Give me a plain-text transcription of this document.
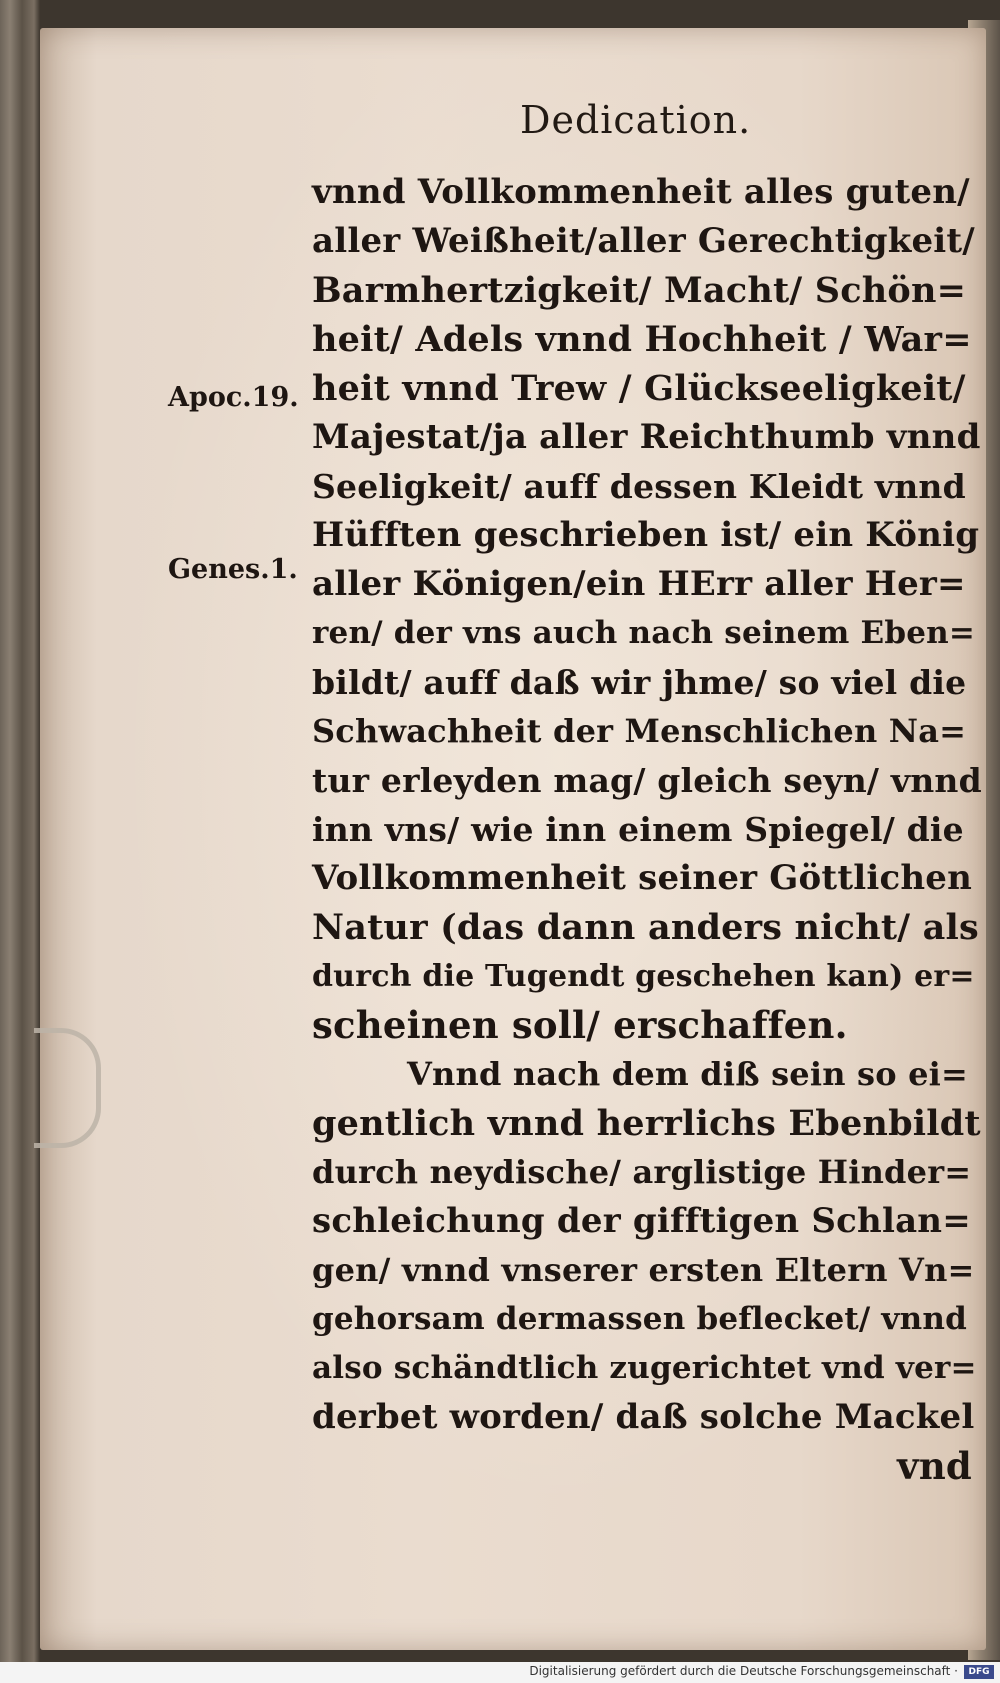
Dedication.
Apoc.19.
Genes.1.
vnnd Vollkommenheit alles guten/
aller Weißheit/aller Gerechtigkeit/
Barmhertzigkeit/ Macht/ Schön=
heit/ Adels vnnd Hochheit / War=
heit vnnd Trew / Glückseeligkeit/
Majestat/ja aller Reichthumb vnnd
Seeligkeit/ auff dessen Kleidt vnnd
Hüfften geschrieben ist/ ein König
aller Königen/ein HErr aller Her=
ren/ der vns auch nach seinem Eben=
bildt/ auff daß wir jhme/ so viel die
Schwachheit der Menschlichen Na=
tur erleyden mag/ gleich seyn/ vnnd
inn vns/ wie inn einem Spiegel/ die
Vollkommenheit seiner Göttlichen
Natur (das dann anders nicht/ als
durch die Tugendt geschehen kan) er=
scheinen soll/ erschaffen.
Vnnd nach dem diß sein so ei=
gentlich vnnd herrlichs Ebenbildt
durch neydische/ arglistige Hinder=
schleichung der gifftigen Schlan=
gen/ vnnd vnserer ersten Eltern Vn=
gehorsam dermassen beflecket/ vnnd
also schändtlich zugerichtet vnd ver=
derbet worden/ daß solche Mackel
vnd
Digitalisierung gefördert durch die Deutsche Forschungsgemeinschaft ·	DFG
